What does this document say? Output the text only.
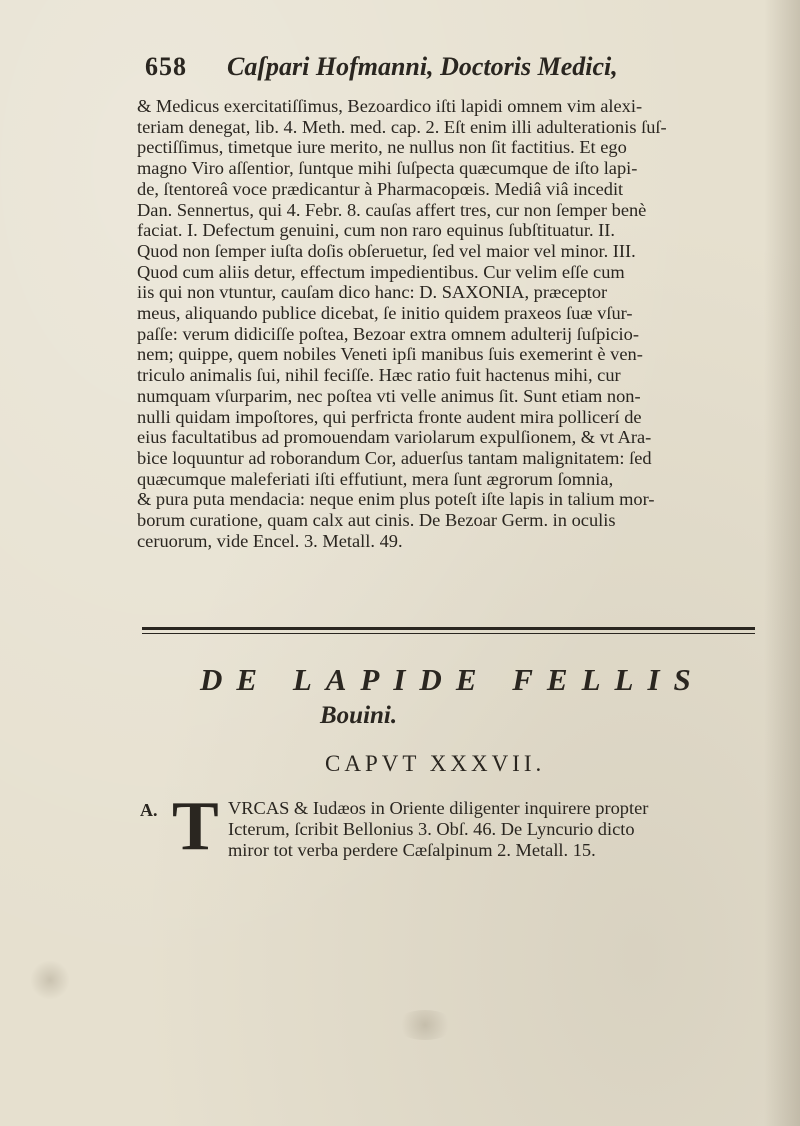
658 Caſpari Hofmanni, Doctoris Medici,

& Medicus exercitatiſſimus, Bezoardico iſti lapidi omnem vim alexi-

teriam denegat, lib. 4. Meth. med. cap. 2. Eſt enim illi adulterationis ſuſ-

pectiſſimus, timetque iure merito, ne nullus non ſit factitius. Et ego

magno Viro aſſentior, ſuntque mihi ſuſpecta quæcumque de iſto lapi-

de, ſtentoreâ voce prædicantur à Pharmacopœis. Mediâ viâ incedit

Dan. Sennertus, qui 4. Febr. 8. cauſas affert tres, cur non ſemper benè

faciat. I. Defectum genuini, cum non raro equinus ſubſtituatur. II.

Quod non ſemper iuſta doſis obſeruetur, ſed vel maior vel minor. III.

Quod cum aliis detur, effectum impedientibus. Cur velim eſſe cum

iis qui non vtuntur, cauſam dico hanc: D. SAXONIA, præceptor

meus, aliquando publice dicebat, ſe initio quidem praxeos ſuæ vſur-

paſſe: verum didiciſſe poſtea, Bezoar extra omnem adulterij ſuſpicio-

nem; quippe, quem nobiles Veneti ipſi manibus ſuis exemerint è ven-

triculo animalis ſui, nihil feciſſe. Hæc ratio fuit hactenus mihi, cur

numquam vſurparim, nec poſtea vti velle animus ſit. Sunt etiam non-

nulli quidam impoſtores, qui perfricta fronte audent mira pollicerí de

eius facultatibus ad promouendam variolarum expulſionem, & vt Ara-

bice loquuntur ad roborandum Cor, aduerſus tantam malignitatem: ſed

quæcumque maleferiati iſti effutiunt, mera ſunt ægrorum ſomnia,

& pura puta mendacia: neque enim plus poteſt iſte lapis in talium mor-

borum curatione, quam calx aut cinis. De Bezoar Germ. in oculis

ceruorum, vide Encel. 3. Metall. 49.

DE LAPIDE FELLIS
Bouini.
CAPVT XXXVII.
A. T VRCAS & Iudæos in Oriente diligenter inquirere propter
Icterum, ſcribit Bellonius 3. Obſ. 46. De Lyncurio dicto
miror tot verba perdere Cæſalpinum 2. Metall. 15.
